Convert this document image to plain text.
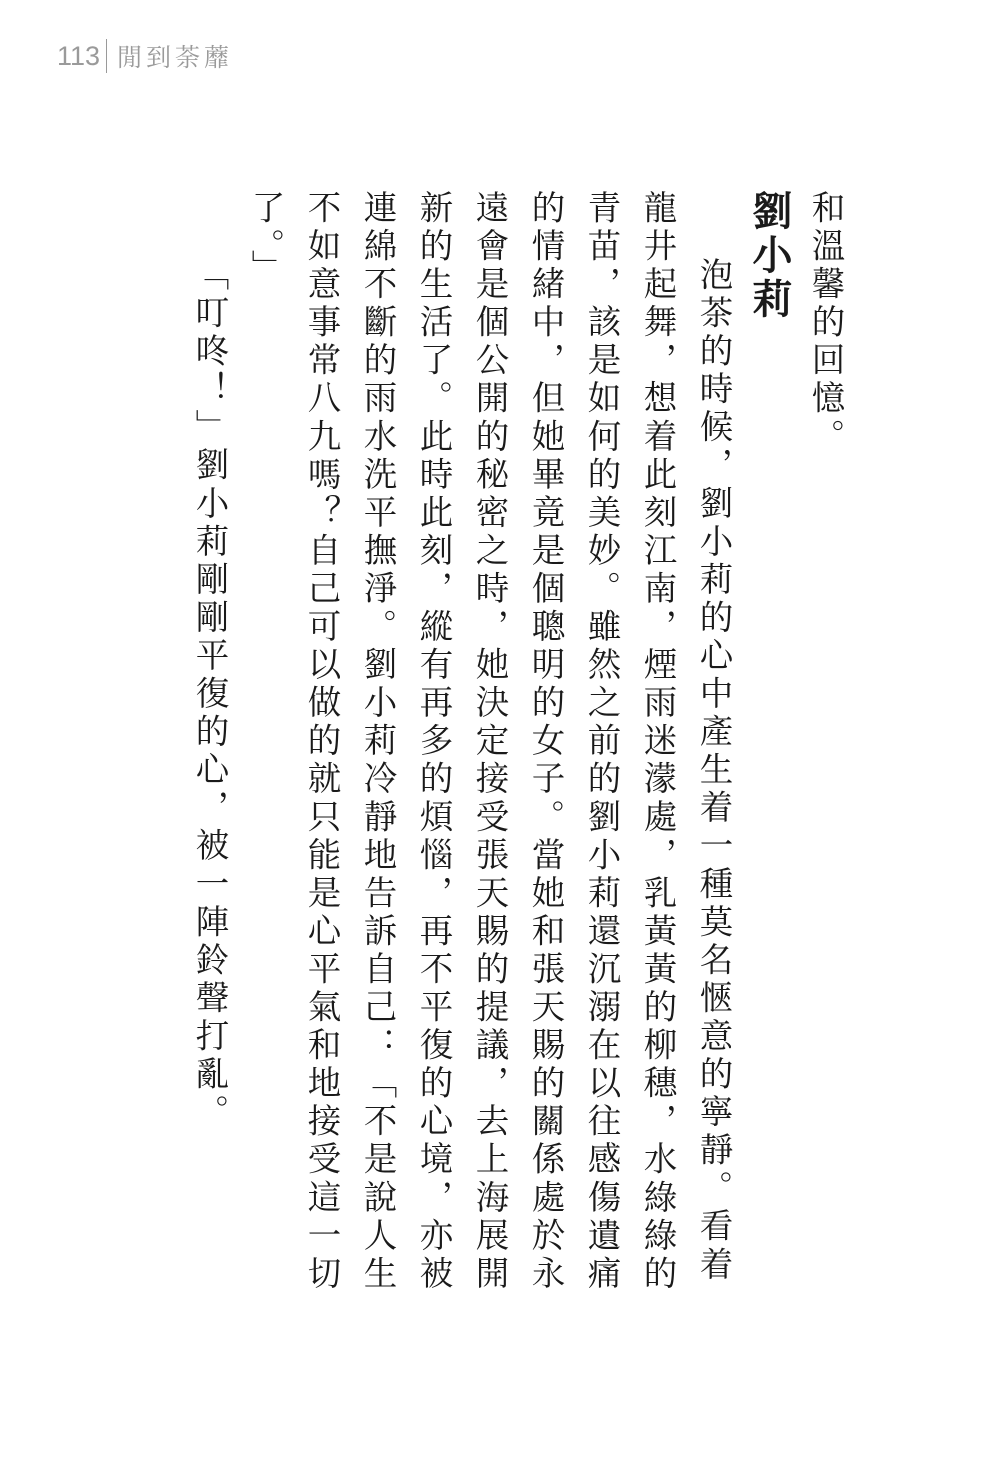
113 閒到荼蘼

和溫馨的回憶。

劉小莉

泡茶的時候，劉小莉的心中產生着一種莫名愜意的寧靜。看着龍井起舞，想着此刻江南，煙雨迷濛處，乳黃黃的柳穗，水綠綠的青苗，該是如何的美妙。雖然之前的劉小莉還沉溺在以往感傷遺痛的情緒中，但她畢竟是個聰明的女子。當她和張天賜的關係處於永遠會是個公開的秘密之時，她決定接受張天賜的提議，去上海展開新的生活了。此時此刻，縱有再多的煩惱，再不平復的心境，亦被連綿不斷的雨水洗平撫淨。劉小莉冷靜地告訴自己：「不是說人生不如意事常八九嗎？自己可以做的就只能是心平氣和地接受這一切了。」

「叮咚！」劉小莉剛剛平復的心，被一陣鈴聲打亂。
